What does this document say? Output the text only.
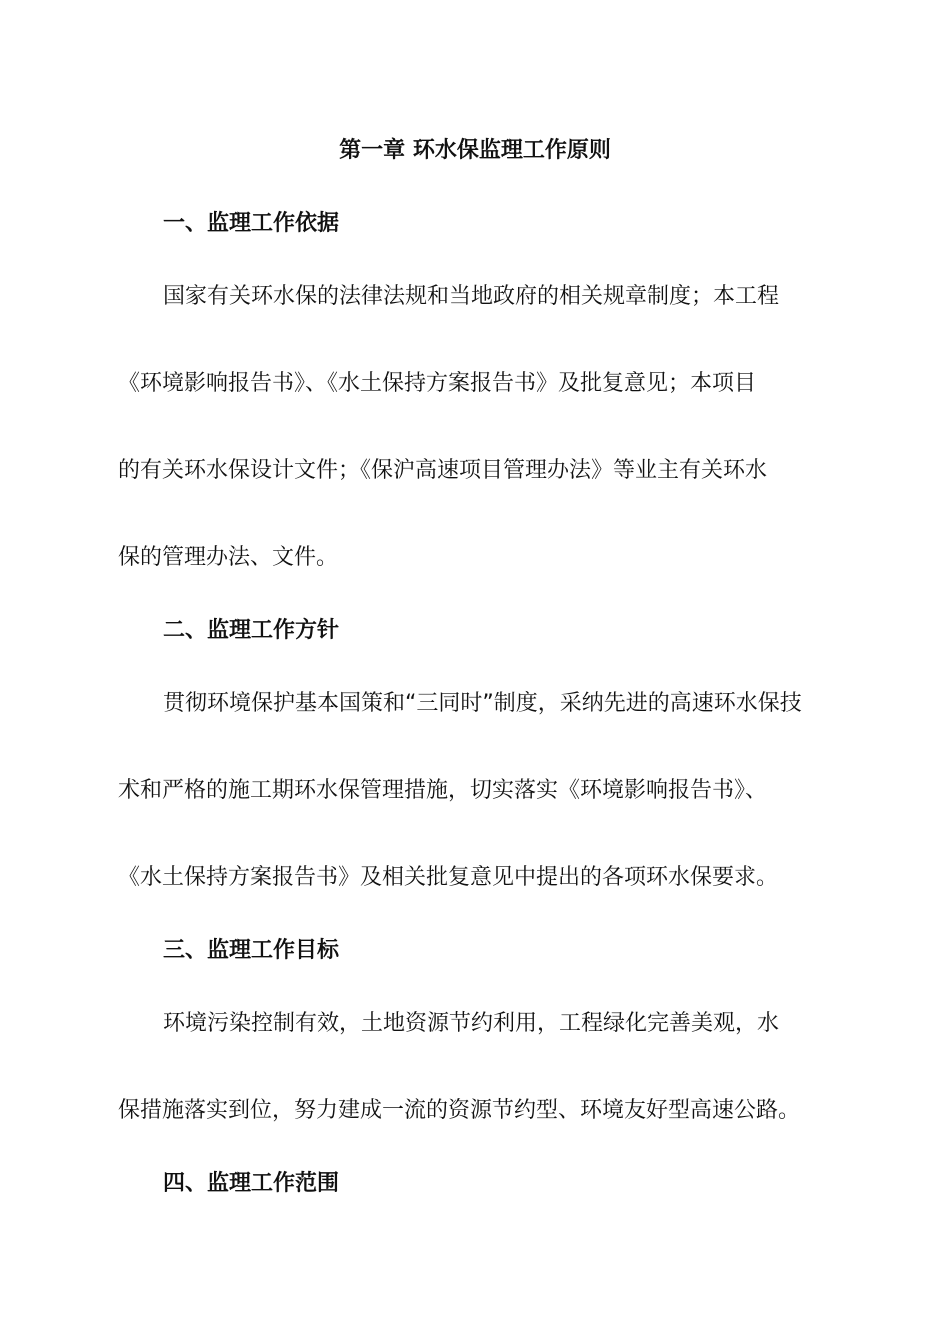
第一章 环水保监理工作原则
一、监理工作依据

国家有关环水保的法律法规和当地政府的相关规章制度；本工程

《环境影响报告书》、《水土保持方案报告书》及批复意见；本项目

的有关环水保设计文件；《保沪高速项目管理办法》等业主有关环水

保的管理办法、文件。

二、监理工作方针

贯彻环境保护基本国策和“三同时”制度，采纳先进的高速环水保技

术和严格的施工期环水保管理措施，切实落实《环境影响报告书》、

《水土保持方案报告书》及相关批复意见中提出的各项环水保要求。

三、监理工作目标

环境污染控制有效，土地资源节约利用，工程绿化完善美观，水

保措施落实到位，努力建成一流的资源节约型、环境友好型高速公路。

四、监理工作范围
